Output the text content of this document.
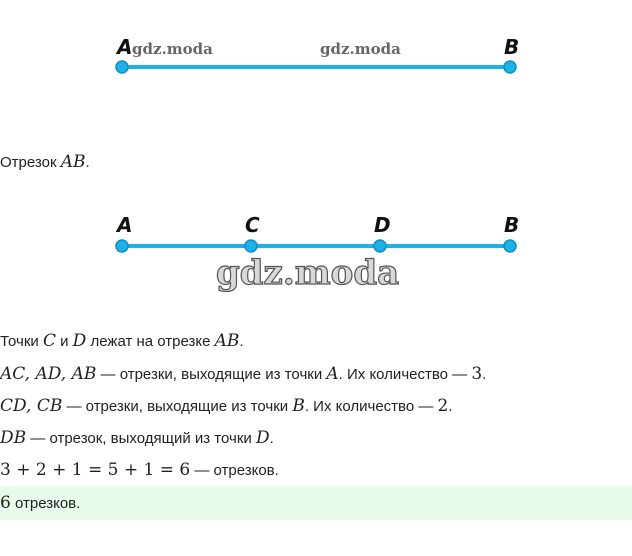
A	B
gdz.moda	gdz.moda
Отрезок AB.
A	C	D	B
gdz.moda
Точки C и D лежат на отрезке AB.
AC, AD, AB — отрезки, выходящие из точки A. Их количество — 3.
CD, CB — отрезки, выходящие из точки B. Их количество — 2.
DB — отрезок, выходящий из точки D.
3 + 2 + 1 = 5 + 1 = 6 — отрезков.
6 отрезков.
